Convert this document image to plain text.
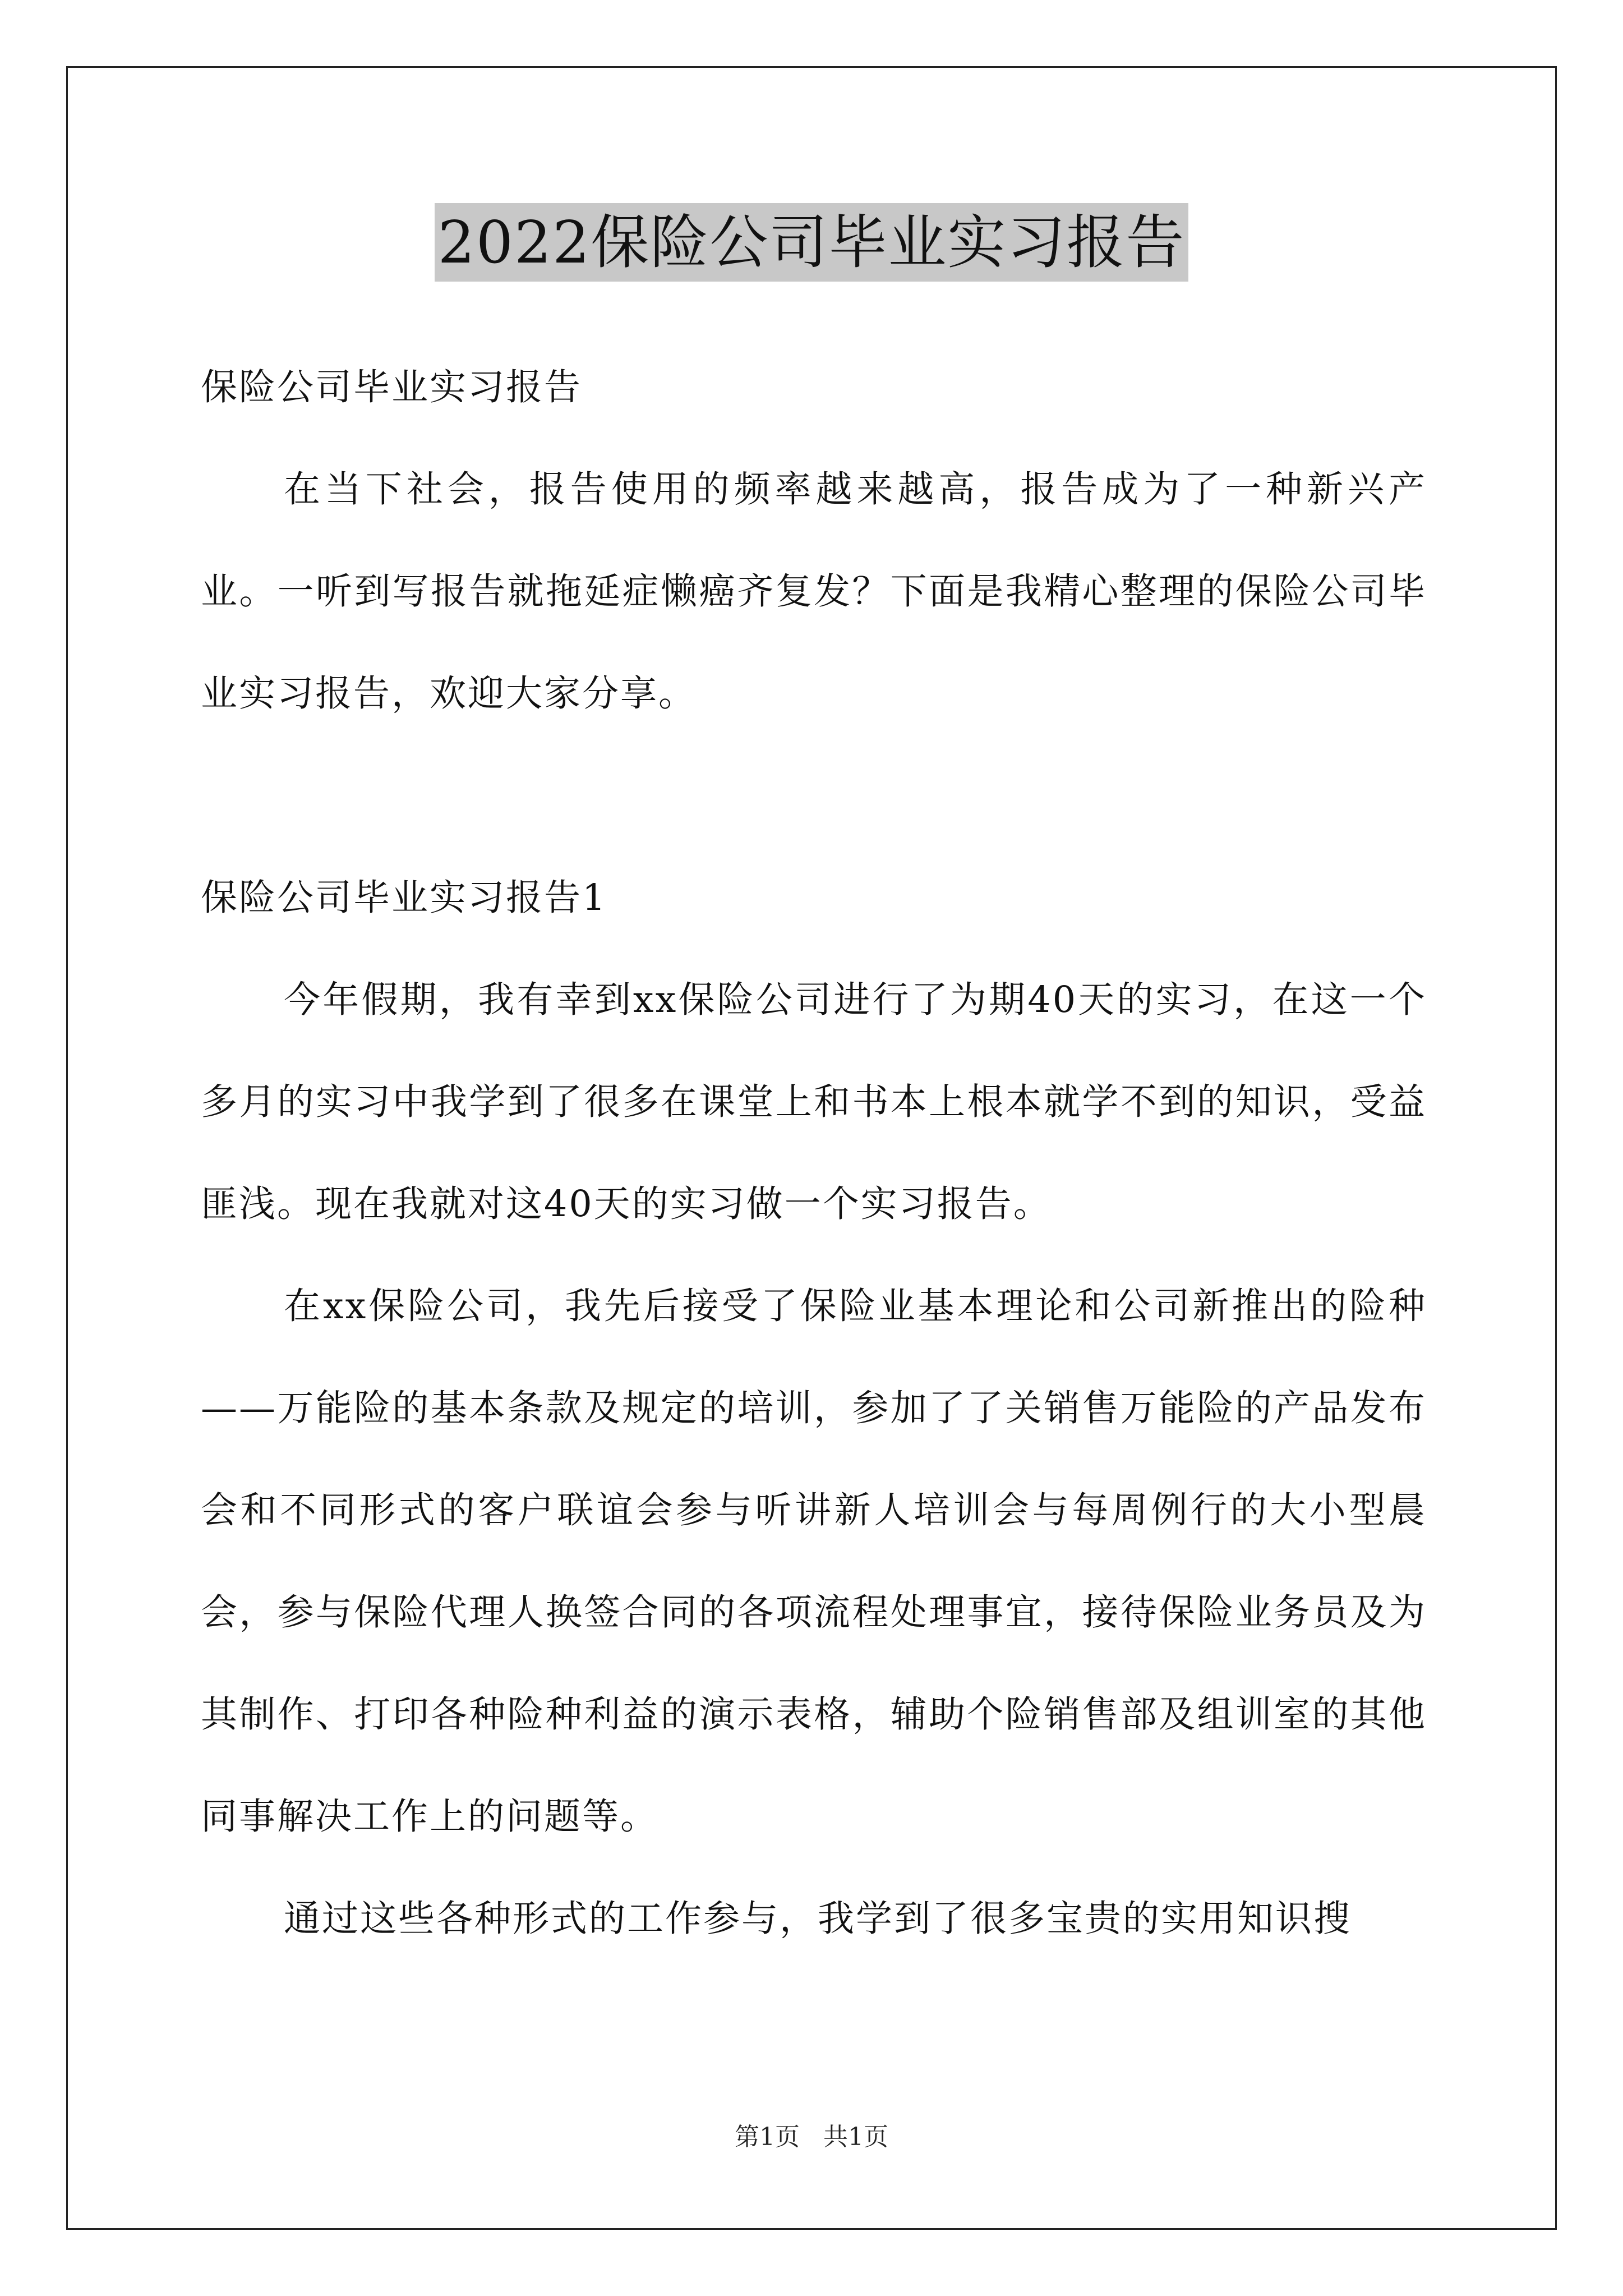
2022保险公司毕业实习报告

保险公司毕业实习报告

在当下社会，报告使用的频率越来越高，报告成为了一种新兴产业。一听到写报告就拖延症懒癌齐复发？下面是我精心整理的保险公司毕业实习报告，欢迎大家分享。

保险公司毕业实习报告1

今年假期，我有幸到xx保险公司进行了为期40天的实习，在这一个多月的实习中我学到了很多在课堂上和书本上根本就学不到的知识，受益匪浅。现在我就对这40天的实习做一个实习报告。

在xx保险公司，我先后接受了保险业基本理论和公司新推出的险种——万能险的基本条款及规定的培训，参加了了关销售万能险的产品发布会和不同形式的客户联谊会参与听讲新人培训会与每周例行的大小型晨会，参与保险代理人换签合同的各项流程处理事宜，接待保险业务员及为其制作、打印各种险种利益的演示表格，辅助个险销售部及组训室的其他同事解决工作上的问题等。

通过这些各种形式的工作参与，我学到了很多宝贵的实用知识搜

第1页 共1页
